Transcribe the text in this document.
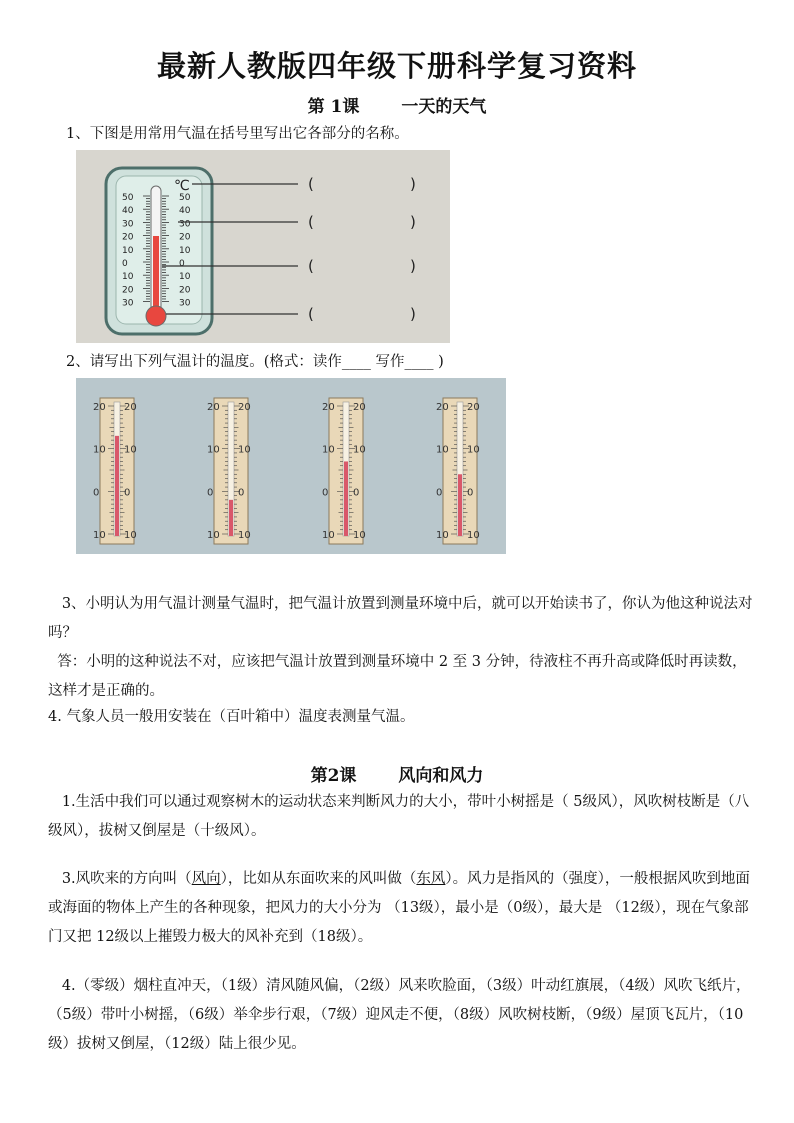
最新人教版四年级下册科学复习资料
第 1课 一天的天气
1、下图是用常用气温在括号里写出它各部分的名称。
℃
50
40
30
20
10
0
10
20
30
50
40
30
20
10
0
10
20
30
(	)
(	)
(	)
(	)
2、请写出下列气温计的温度。(格式：读作____ 写作____ )
20 20
10 10
0 0
10 10
20 20
10 10
0 0
10 10
20 20
10 10
0 0
10 10
20 20
10 10
0 0
10 10
3、小明认为用气温计测量气温时，把气温计放置到测量环境中后，就可以开始读书了，你认为他这种说法对吗？
答：小明的这种说法不对，应该把气温计放置到测量环境中 2 至 3 分钟，待液柱不再升高或降低时再读数，这样才是正确的。
4. 气象人员一般用安装在（百叶箱中）温度表测量气温。
第2课 风向和风力
1.生活中我们可以通过观察树木的运动状态来判断风力的大小，带叶小树摇是（ 5级风），风吹树枝断是（八级风），拔树又倒屋是（十级风）。
3.风吹来的方向叫（风向），比如从东面吹来的风叫做（东风）。风力是指风的（强度），一般根据风吹到地面或海面的物体上产生的各种现象，把风力的大小分为 （13级），最小是（0级），最大是 （12级），现在气象部门又把 12级以上摧毁力极大的风补充到（18级）。
4.（零级）烟柱直冲天，（1级）清风随风偏，（2级）风来吹脸面，（3级）叶动红旗展，（4级）风吹飞纸片，（5级）带叶小树摇，（6级）举伞步行艰，（7级）迎风走不便，（8级）风吹树枝断，（9级）屋顶飞瓦片，（10级）拔树又倒屋，（12级）陆上很少见。
